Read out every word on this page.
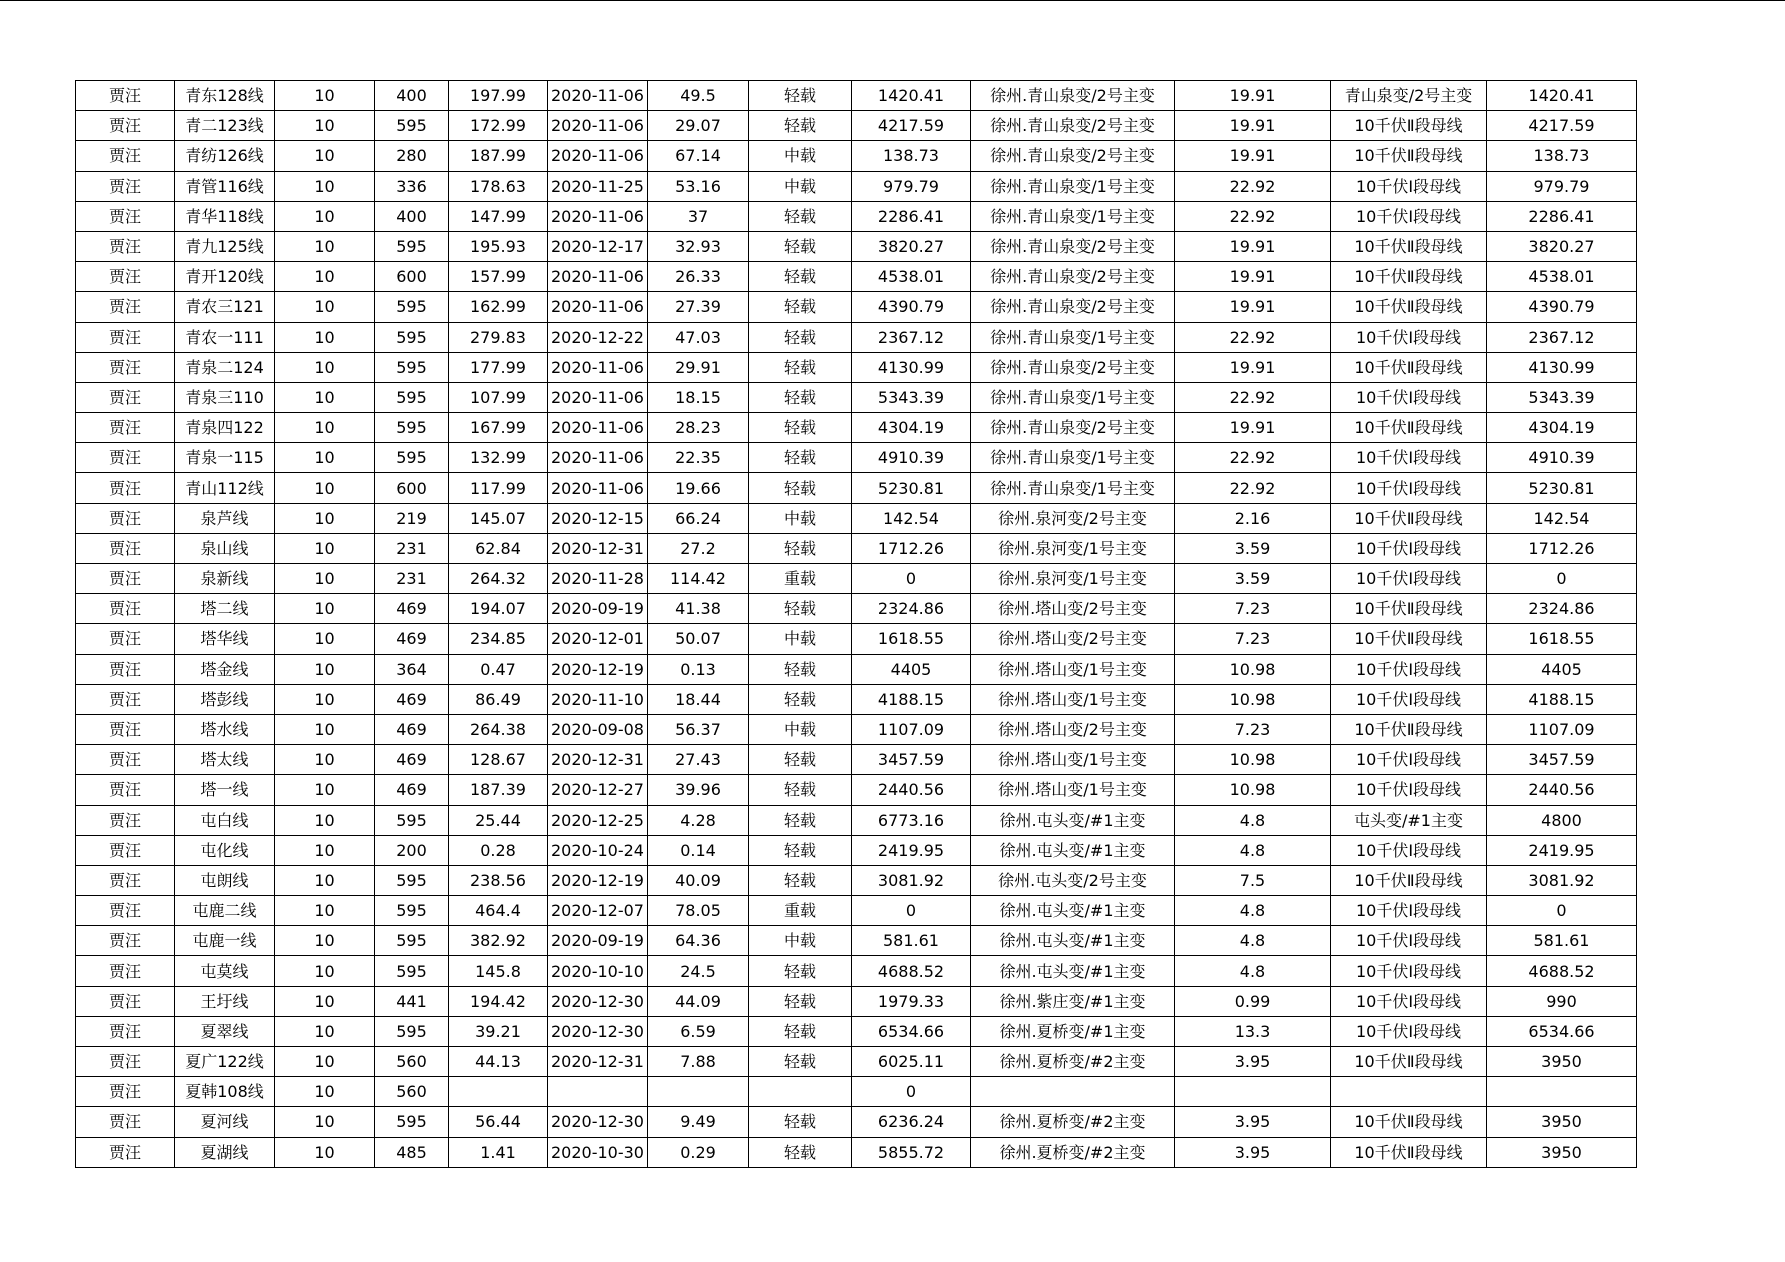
贾汪	青东128线	10	400	197.99	2020-11-06	49.5	轻载	1420.41	徐州.青山泉变/2号主变	19.91	青山泉变/2号主变	1420.41
贾汪	青二123线	10	595	172.99	2020-11-06	29.07	轻载	4217.59	徐州.青山泉变/2号主变	19.91	10千伏Ⅱ段母线	4217.59
贾汪	青纺126线	10	280	187.99	2020-11-06	67.14	中载	138.73	徐州.青山泉变/2号主变	19.91	10千伏Ⅱ段母线	138.73
贾汪	青管116线	10	336	178.63	2020-11-25	53.16	中载	979.79	徐州.青山泉变/1号主变	22.92	10千伏Ⅰ段母线	979.79
贾汪	青华118线	10	400	147.99	2020-11-06	37	轻载	2286.41	徐州.青山泉变/1号主变	22.92	10千伏Ⅰ段母线	2286.41
贾汪	青九125线	10	595	195.93	2020-12-17	32.93	轻载	3820.27	徐州.青山泉变/2号主变	19.91	10千伏Ⅱ段母线	3820.27
贾汪	青开120线	10	600	157.99	2020-11-06	26.33	轻载	4538.01	徐州.青山泉变/2号主变	19.91	10千伏Ⅱ段母线	4538.01
贾汪	青农三121	10	595	162.99	2020-11-06	27.39	轻载	4390.79	徐州.青山泉变/2号主变	19.91	10千伏Ⅱ段母线	4390.79
贾汪	青农一111	10	595	279.83	2020-12-22	47.03	轻载	2367.12	徐州.青山泉变/1号主变	22.92	10千伏Ⅰ段母线	2367.12
贾汪	青泉二124	10	595	177.99	2020-11-06	29.91	轻载	4130.99	徐州.青山泉变/2号主变	19.91	10千伏Ⅱ段母线	4130.99
贾汪	青泉三110	10	595	107.99	2020-11-06	18.15	轻载	5343.39	徐州.青山泉变/1号主变	22.92	10千伏Ⅰ段母线	5343.39
贾汪	青泉四122	10	595	167.99	2020-11-06	28.23	轻载	4304.19	徐州.青山泉变/2号主变	19.91	10千伏Ⅱ段母线	4304.19
贾汪	青泉一115	10	595	132.99	2020-11-06	22.35	轻载	4910.39	徐州.青山泉变/1号主变	22.92	10千伏Ⅰ段母线	4910.39
贾汪	青山112线	10	600	117.99	2020-11-06	19.66	轻载	5230.81	徐州.青山泉变/1号主变	22.92	10千伏Ⅰ段母线	5230.81
贾汪	泉芦线	10	219	145.07	2020-12-15	66.24	中载	142.54	徐州.泉河变/2号主变	2.16	10千伏Ⅱ段母线	142.54
贾汪	泉山线	10	231	62.84	2020-12-31	27.2	轻载	1712.26	徐州.泉河变/1号主变	3.59	10千伏Ⅰ段母线	1712.26
贾汪	泉新线	10	231	264.32	2020-11-28	114.42	重载	0	徐州.泉河变/1号主变	3.59	10千伏Ⅰ段母线	0
贾汪	塔二线	10	469	194.07	2020-09-19	41.38	轻载	2324.86	徐州.塔山变/2号主变	7.23	10千伏Ⅱ段母线	2324.86
贾汪	塔华线	10	469	234.85	2020-12-01	50.07	中载	1618.55	徐州.塔山变/2号主变	7.23	10千伏Ⅱ段母线	1618.55
贾汪	塔金线	10	364	0.47	2020-12-19	0.13	轻载	4405	徐州.塔山变/1号主变	10.98	10千伏Ⅰ段母线	4405
贾汪	塔彭线	10	469	86.49	2020-11-10	18.44	轻载	4188.15	徐州.塔山变/1号主变	10.98	10千伏Ⅰ段母线	4188.15
贾汪	塔水线	10	469	264.38	2020-09-08	56.37	中载	1107.09	徐州.塔山变/2号主变	7.23	10千伏Ⅱ段母线	1107.09
贾汪	塔太线	10	469	128.67	2020-12-31	27.43	轻载	3457.59	徐州.塔山变/1号主变	10.98	10千伏Ⅰ段母线	3457.59
贾汪	塔一线	10	469	187.39	2020-12-27	39.96	轻载	2440.56	徐州.塔山变/1号主变	10.98	10千伏Ⅰ段母线	2440.56
贾汪	屯白线	10	595	25.44	2020-12-25	4.28	轻载	6773.16	徐州.屯头变/#1主变	4.8	屯头变/#1主变	4800
贾汪	屯化线	10	200	0.28	2020-10-24	0.14	轻载	2419.95	徐州.屯头变/#1主变	4.8	10千伏Ⅰ段母线	2419.95
贾汪	屯朗线	10	595	238.56	2020-12-19	40.09	轻载	3081.92	徐州.屯头变/2号主变	7.5	10千伏Ⅱ段母线	3081.92
贾汪	屯鹿二线	10	595	464.4	2020-12-07	78.05	重载	0	徐州.屯头变/#1主变	4.8	10千伏Ⅰ段母线	0
贾汪	屯鹿一线	10	595	382.92	2020-09-19	64.36	中载	581.61	徐州.屯头变/#1主变	4.8	10千伏Ⅰ段母线	581.61
贾汪	屯莫线	10	595	145.8	2020-10-10	24.5	轻载	4688.52	徐州.屯头变/#1主变	4.8	10千伏Ⅰ段母线	4688.52
贾汪	王圩线	10	441	194.42	2020-12-30	44.09	轻载	1979.33	徐州.紫庄变/#1主变	0.99	10千伏Ⅰ段母线	990
贾汪	夏翠线	10	595	39.21	2020-12-30	6.59	轻载	6534.66	徐州.夏桥变/#1主变	13.3	10千伏Ⅰ段母线	6534.66
贾汪	夏广122线	10	560	44.13	2020-12-31	7.88	轻载	6025.11	徐州.夏桥变/#2主变	3.95	10千伏Ⅱ段母线	3950
贾汪	夏韩108线	10	560					0				
贾汪	夏河线	10	595	56.44	2020-12-30	9.49	轻载	6236.24	徐州.夏桥变/#2主变	3.95	10千伏Ⅱ段母线	3950
贾汪	夏湖线	10	485	1.41	2020-10-30	0.29	轻载	5855.72	徐州.夏桥变/#2主变	3.95	10千伏Ⅱ段母线	3950
